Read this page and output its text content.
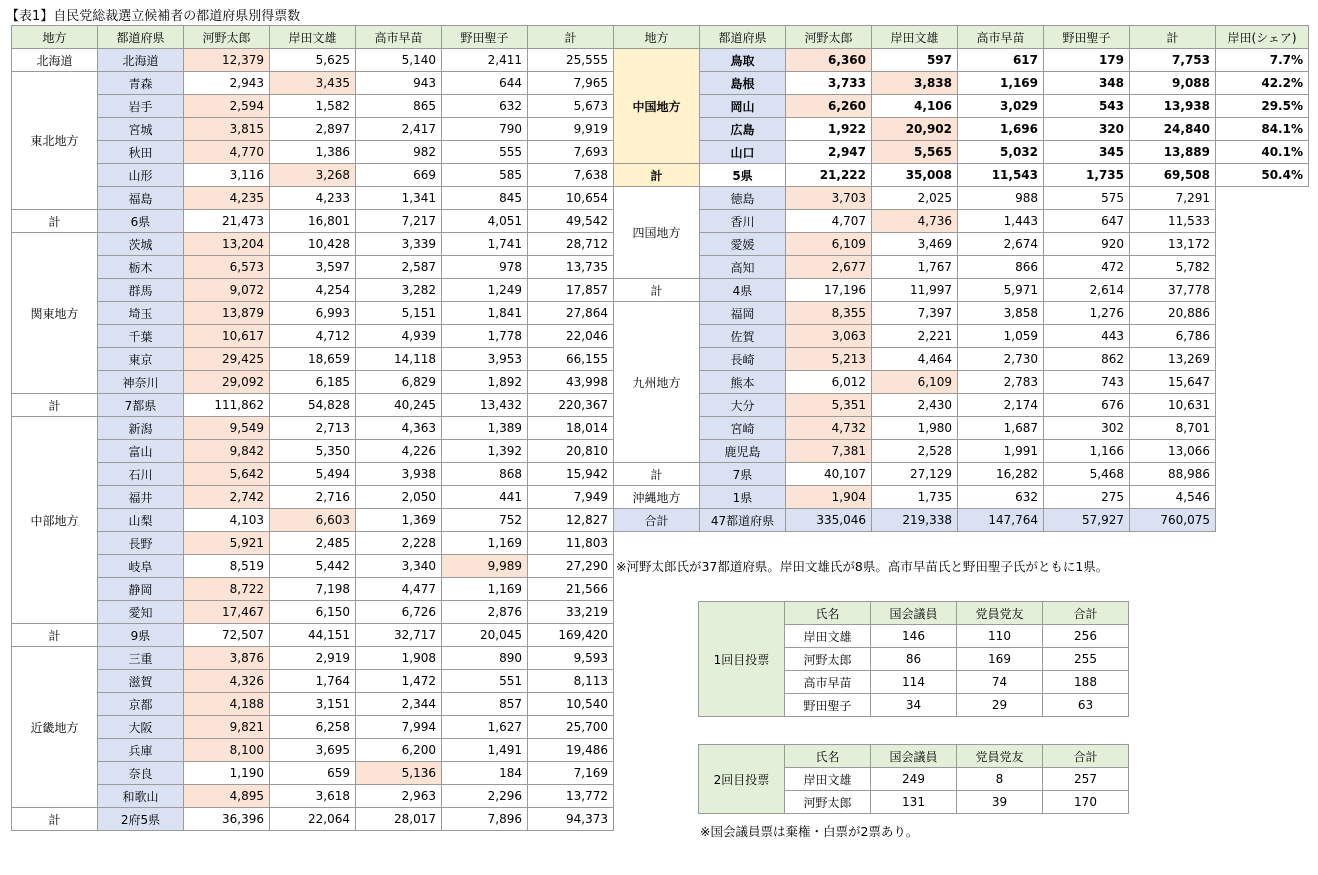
【表1】自民党総裁選立候補者の都道府県別得票数
地方	都道府県	河野太郎	岸田文雄	高市早苗	野田聖子	計
北海道	北海道	12,379	5,625	5,140	2,411	25,555
東北地方	青森	2,943	3,435	943	644	7,965
	岩手	2,594	1,582	865	632	5,673
	宮城	3,815	2,897	2,417	790	9,919
	秋田	4,770	1,386	982	555	7,693
	山形	3,116	3,268	669	585	7,638
	福島	4,235	4,233	1,341	845	10,654
計	6県	21,473	16,801	7,217	4,051	49,542
関東地方	茨城	13,204	10,428	3,339	1,741	28,712
	栃木	6,573	3,597	2,587	978	13,735
	群馬	9,072	4,254	3,282	1,249	17,857
	埼玉	13,879	6,993	5,151	1,841	27,864
	千葉	10,617	4,712	4,939	1,778	22,046
	東京	29,425	18,659	14,118	3,953	66,155
	神奈川	29,092	6,185	6,829	1,892	43,998
計	7都県	111,862	54,828	40,245	13,432	220,367
中部地方	新潟	9,549	2,713	4,363	1,389	18,014
	富山	9,842	5,350	4,226	1,392	20,810
	石川	5,642	5,494	3,938	868	15,942
	福井	2,742	2,716	2,050	441	7,949
	山梨	4,103	6,603	1,369	752	12,827
	長野	5,921	2,485	2,228	1,169	11,803
	岐阜	8,519	5,442	3,340	9,989	27,290
	静岡	8,722	7,198	4,477	1,169	21,566
	愛知	17,467	6,150	6,726	2,876	33,219
計	9県	72,507	44,151	32,717	20,045	169,420
近畿地方	三重	3,876	2,919	1,908	890	9,593
	滋賀	4,326	1,764	1,472	551	8,113
	京都	4,188	3,151	2,344	857	10,540
	大阪	9,821	6,258	7,994	1,627	25,700
	兵庫	8,100	3,695	6,200	1,491	19,486
	奈良	1,190	659	5,136	184	7,169
	和歌山	4,895	3,618	2,963	2,296	13,772
計	2府5県	36,396	22,064	28,017	7,896	94,373
地方	都道府県	河野太郎	岸田文雄	高市早苗	野田聖子	計	岸田(シェア)
中国地方	鳥取	6,360	597	617	179	7,753	7.7%
	島根	3,733	3,838	1,169	348	9,088	42.2%
	岡山	6,260	4,106	3,029	543	13,938	29.5%
	広島	1,922	20,902	1,696	320	24,840	84.1%
	山口	2,947	5,565	5,032	345	13,889	40.1%
計	5県	21,222	35,008	11,543	1,735	69,508	50.4%
四国地方	徳島	3,703	2,025	988	575	7,291	
	香川	4,707	4,736	1,443	647	11,533	
	愛媛	6,109	3,469	2,674	920	13,172	
	高知	2,677	1,767	866	472	5,782	
計	4県	17,196	11,997	5,971	2,614	37,778	
九州地方	福岡	8,355	7,397	3,858	1,276	20,886	
	佐賀	3,063	2,221	1,059	443	6,786	
	長崎	5,213	4,464	2,730	862	13,269	
	熊本	6,012	6,109	2,783	743	15,647	
	大分	5,351	2,430	2,174	676	10,631	
	宮崎	4,732	1,980	1,687	302	8,701	
	鹿児島	7,381	2,528	1,991	1,166	13,066	
計	7県	40,107	27,129	16,282	5,468	88,986	
沖縄地方	1県	1,904	1,735	632	275	4,546	
合計	47都道府県	335,046	219,338	147,764	57,927	760,075	
※河野太郎氏が37都道府県。岸田文雄氏が8県。高市早苗氏と野田聖子氏がともに1県。
1回目投票	氏名	国会議員	党員党友	合計
	岸田文雄	146	110	256
	河野太郎	86	169	255
	高市早苗	114	74	188
	野田聖子	34	29	63
2回目投票	氏名	国会議員	党員党友	合計
	岸田文雄	249	8	257
	河野太郎	131	39	170
※国会議員票は棄権・白票が2票あり。
